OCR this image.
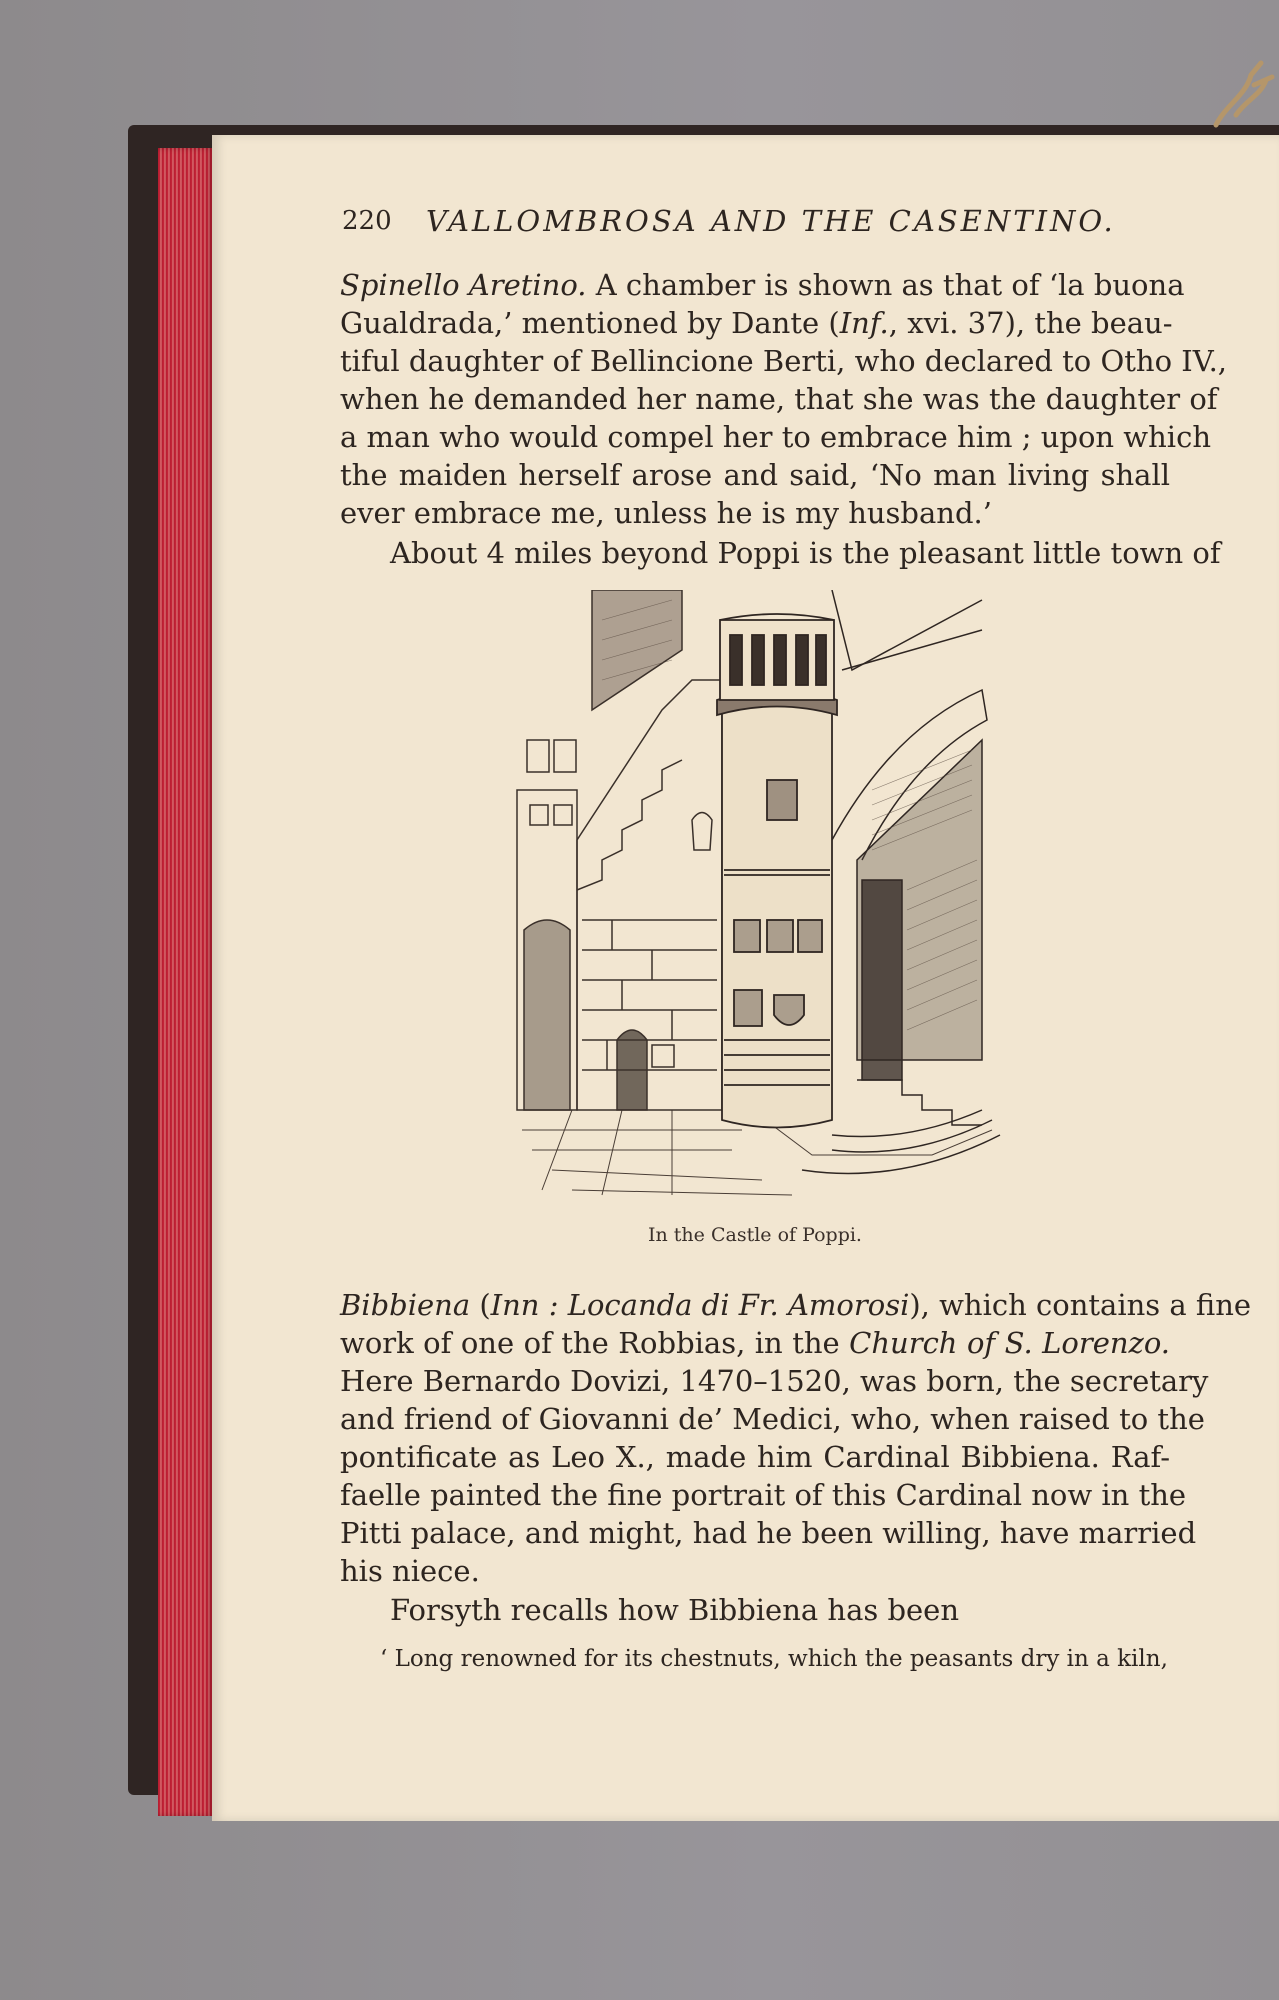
220 VALLOMBROSA AND THE CASENTINO.
Spinello Aretino. A chamber is shown as that of ‘la buona
Gualdrada,’ mentioned by Dante (Inf., xvi. 37), the beau-
tiful daughter of Bellincione Berti, who declared to Otho IV.,
when he demanded her name, that she was the daughter of
a man who would compel her to embrace him ; upon which
the maiden herself arose and said, ‘No man living shall
ever embrace me, unless he is my husband.’
About 4 miles beyond Poppi is the pleasant little town of
In the Castle of Poppi.
Bibbiena (Inn : Locanda di Fr. Amorosi), which contains a fine
work of one of the Robbias, in the Church of S. Lorenzo.
Here Bernardo Dovizi, 1470–1520, was born, the secretary
and friend of Giovanni de’ Medici, who, when raised to the
pontificate as Leo X., made him Cardinal Bibbiena. Raf-
faelle painted the fine portrait of this Cardinal now in the
Pitti palace, and might, had he been willing, have married
his niece.
Forsyth recalls how Bibbiena has been
‘ Long renowned for its chestnuts, which the peasants dry in a kiln,
